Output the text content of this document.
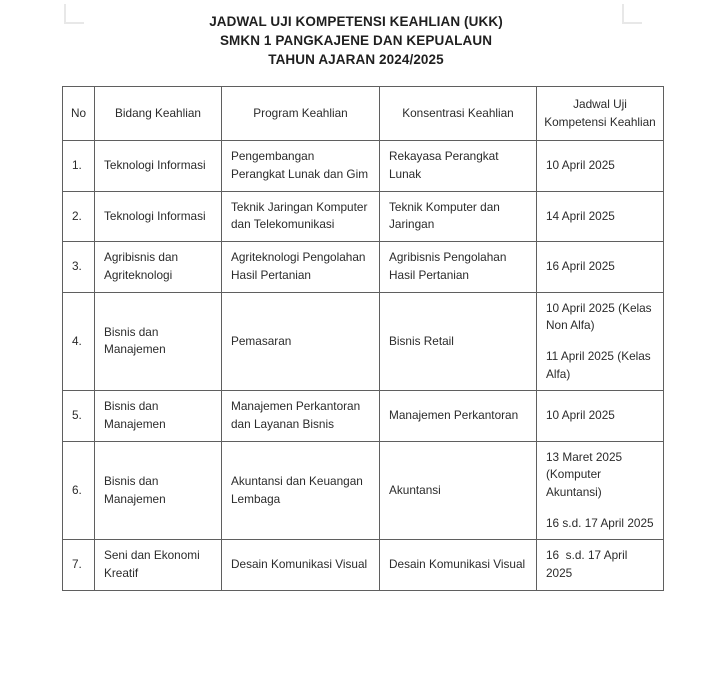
JADWAL UJI KOMPETENSI KEAHLIAN (UKK)
SMKN 1 PANGKAJENE DAN KEPUALAUN
TAHUN AJARAN 2024/2025
No	Bidang Keahlian	Program Keahlian	Konsentrasi Keahlian	Jadwal Uji Kompetensi Keahlian
1.	Teknologi Informasi	Pengembangan Perangkat Lunak dan Gim	Rekayasa Perangkat Lunak	10 April 2025

2.	Teknologi Informasi	Teknik Jaringan Komputer dan Telekomunikasi	Teknik Komputer dan Jaringan	14 April 2025

3.	Agribisnis dan Agriteknologi	Agriteknologi Pengolahan Hasil Pertanian	Agribisnis Pengolahan Hasil Pertanian	16 April 2025

4.	Bisnis dan Manajemen	Pemasaran	Bisnis Retail	10 April 2025 (Kelas Non Alfa)
11 April 2025 (Kelas Alfa)

5.	Bisnis dan Manajemen	Manajemen Perkantoran dan Layanan Bisnis	Manajemen Perkantoran	10 April 2025

6.	Bisnis dan Manajemen	Akuntansi dan Keuangan Lembaga	Akuntansi	13 Maret 2025 (Komputer Akuntansi)
16 s.d. 17 April 2025

7.	Seni dan Ekonomi Kreatif	Desain Komunikasi Visual	Desain Komunikasi Visual	16  s.d. 17 April 2025
